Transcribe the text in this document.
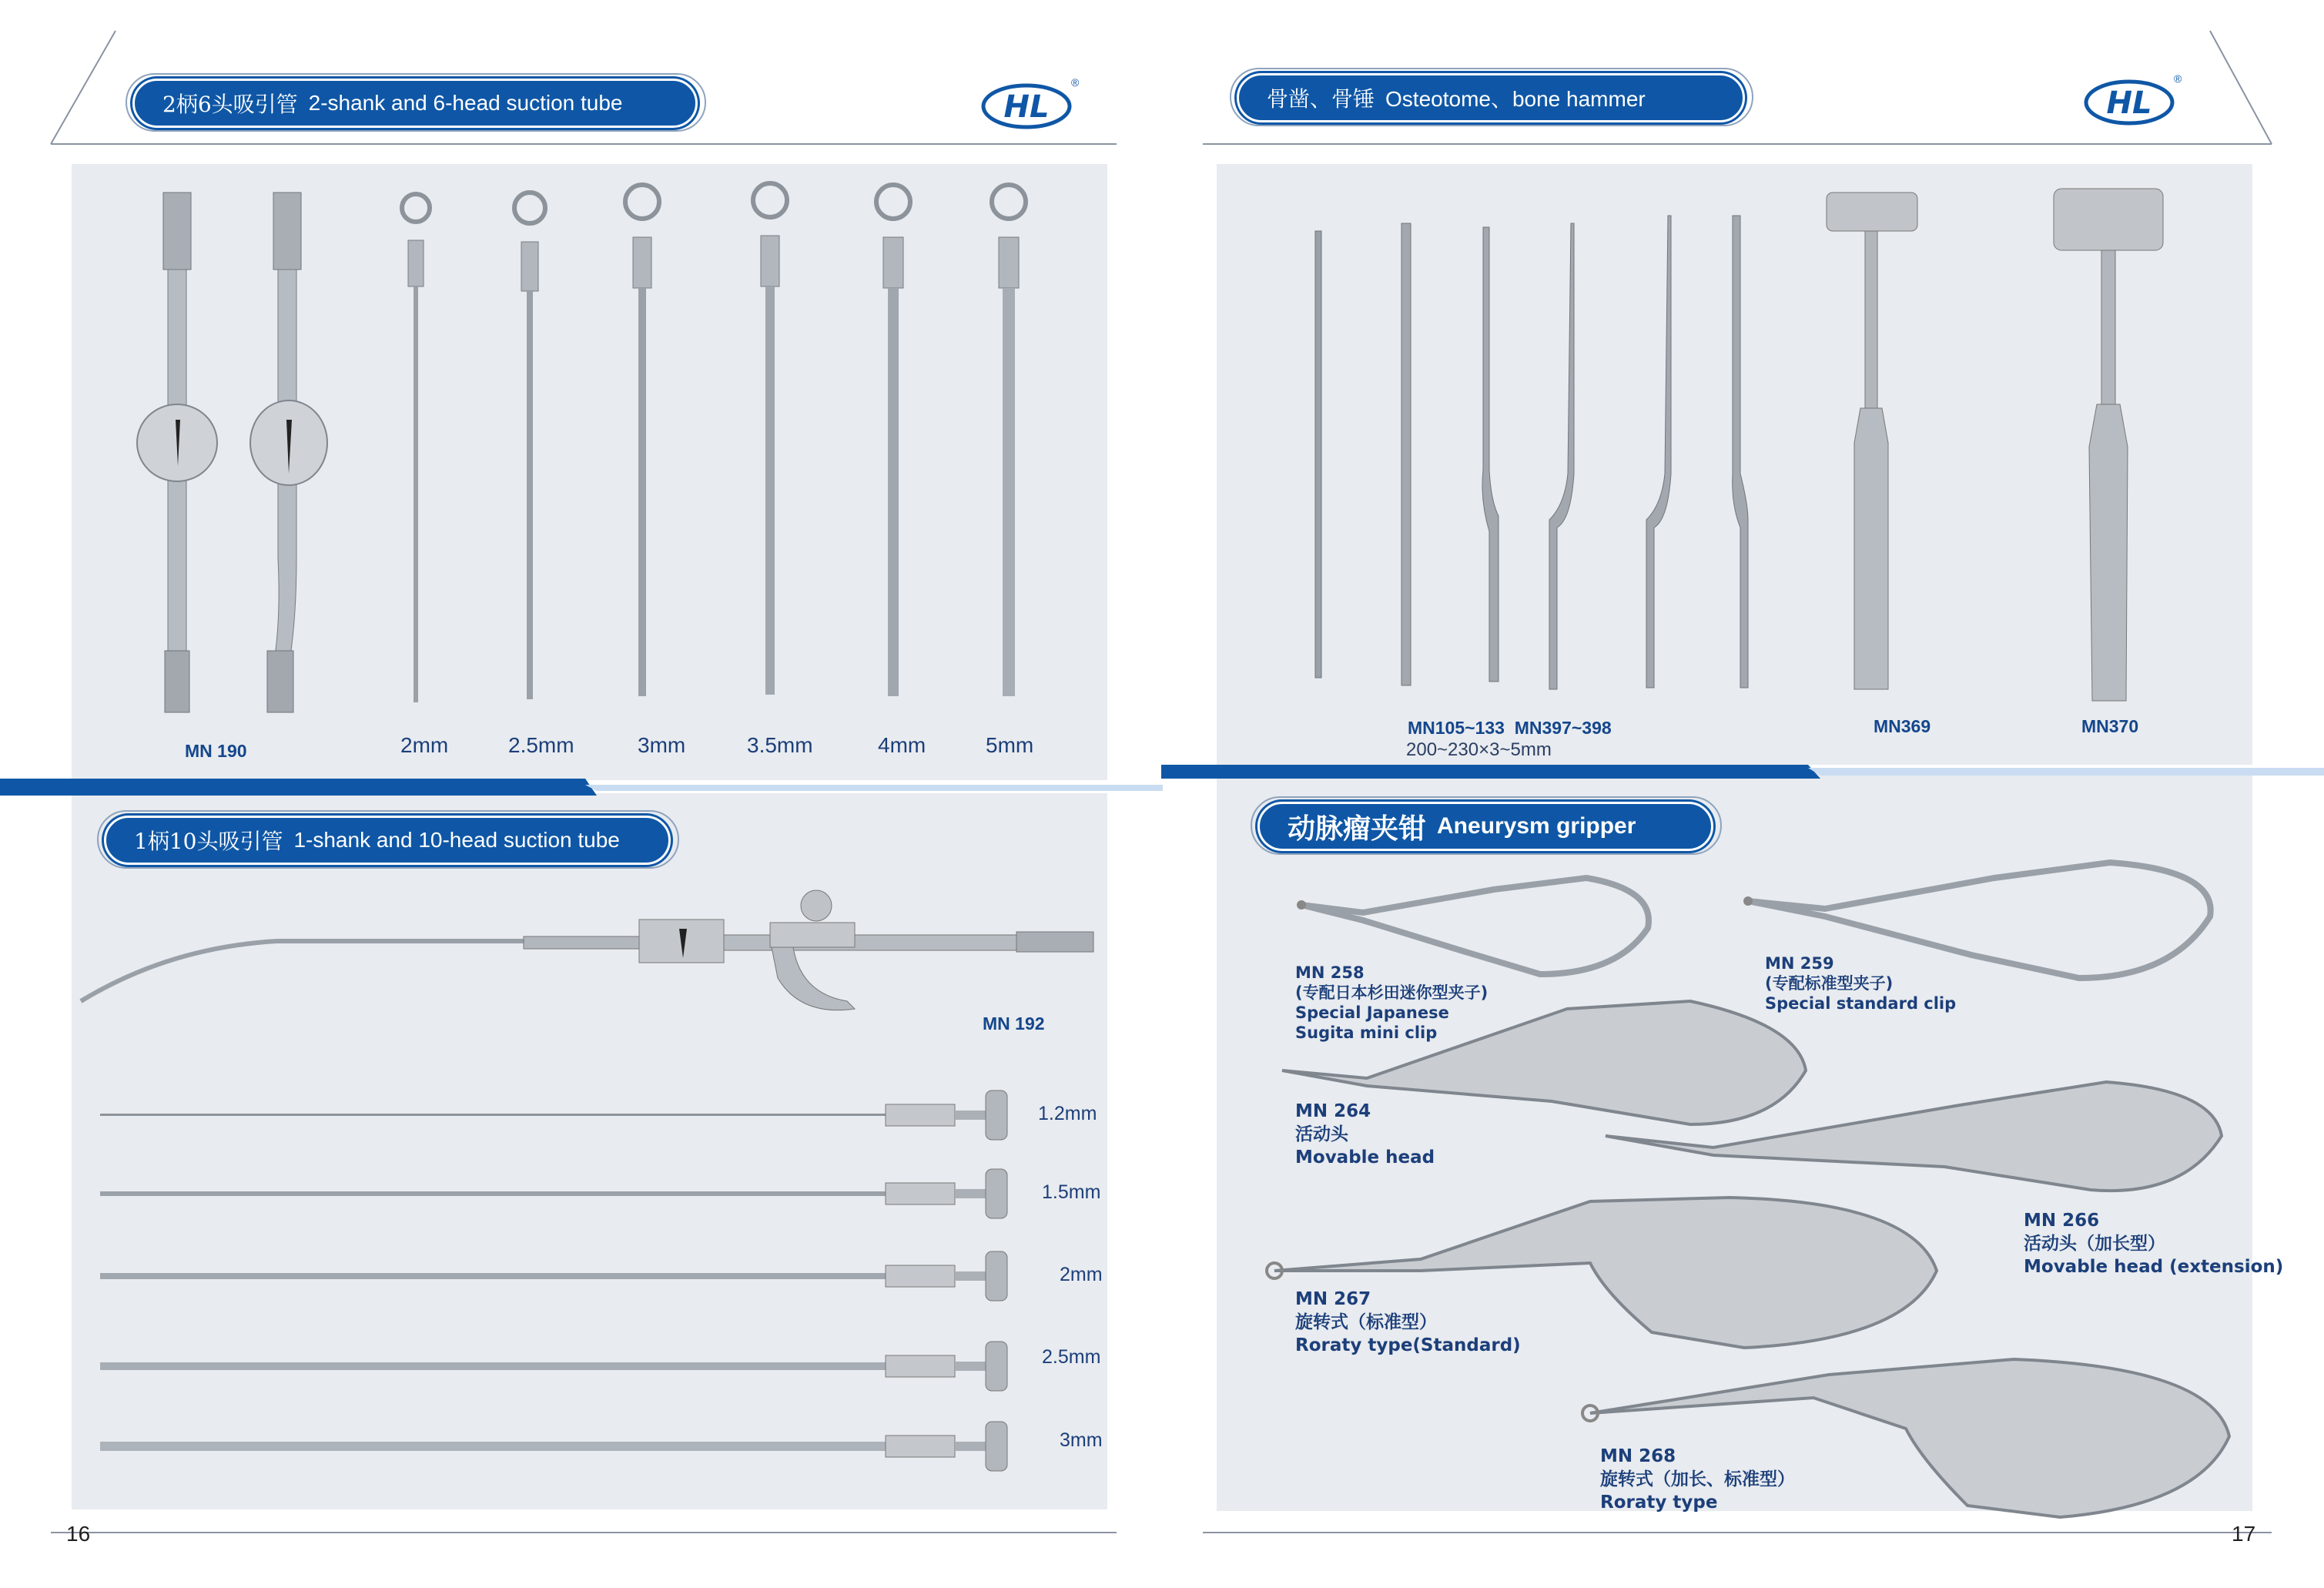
2柄6头吸引管 2-shank and 6-head suction tube	骨凿、骨锤 Osteotome、bone hammer
1柄10头吸引管 1-shank and 10-head suction tube	动脉瘤夹钳 Aneurysm gripper
HL
®
HL
®
MN 190	2mm	2.5mm	3mm	3.5mm	4mm	5mm
MN 192
1.2mm
1.5mm
2mm
2.5mm
3mm
MN105~133  MN397~398
200~230×3~5mm
MN369	MN370
MN 258
(专配日本杉田迷你型夹子)
Special Japanese
Sugita mini clip
MN 259
(专配标准型夹子)
Special standard clip
MN 264
活动头
Movable head
MN 266
活动头（加长型）
Movable head (extension)
MN 267
旋转式（标准型）
Roraty type(Standard)
MN 268
旋转式（加长、标准型）
Roraty type
16	17
